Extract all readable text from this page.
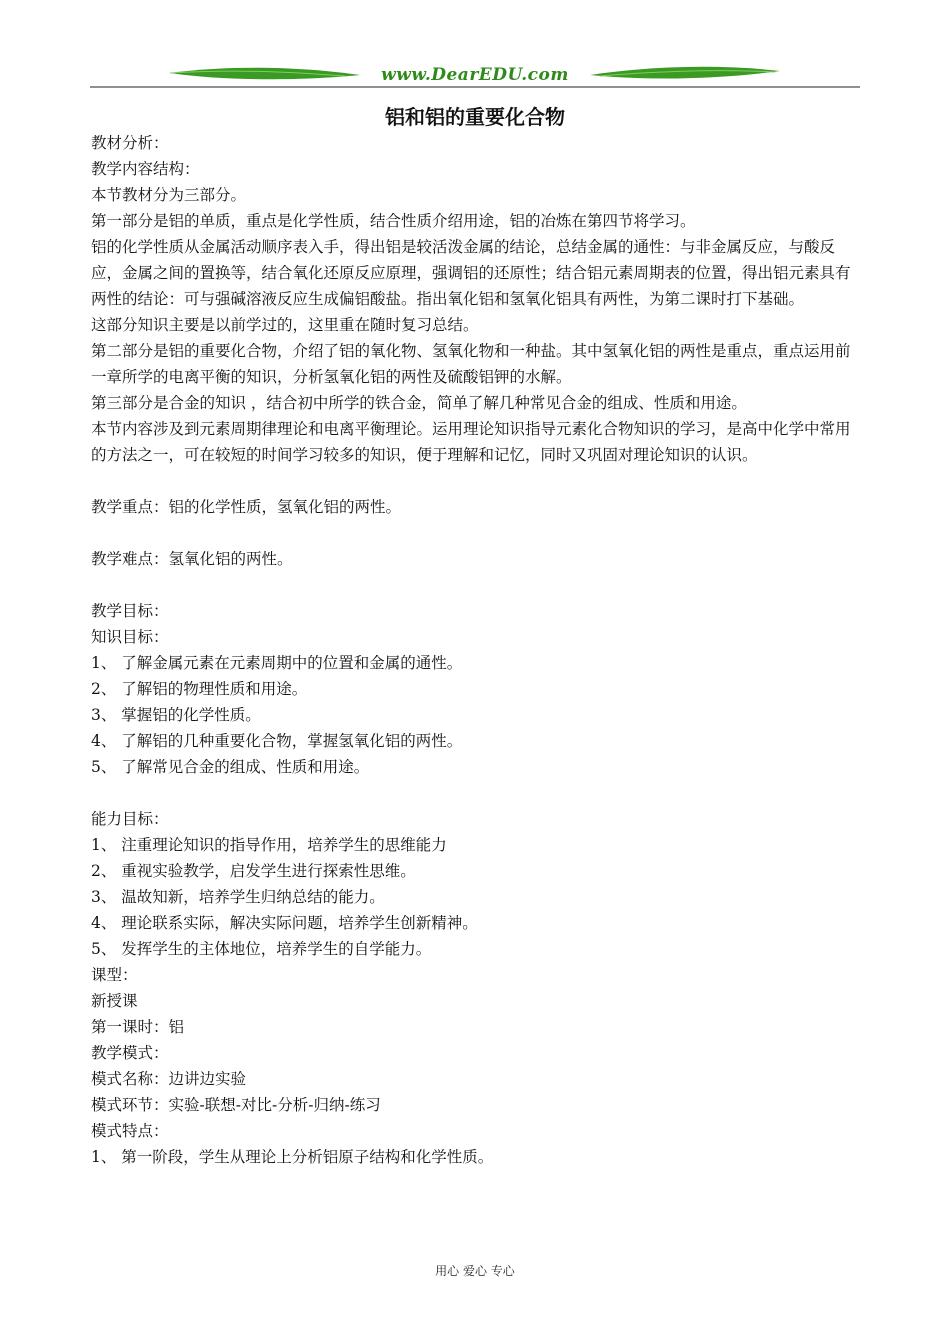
www.DearEDU.com
铝和铝的重要化合物

教材分析：

教学内容结构：

本节教材分为三部分。

第一部分是铝的单质，重点是化学性质，结合性质介绍用途，铝的冶炼在第四节将学习。

铝的化学性质从金属活动顺序表入手，得出铝是较活泼金属的结论，总结金属的通性：与非金属反应，与酸反应，金属之间的置换等，结合氧化还原反应原理，强调铝的还原性；结合铝元素周期表的位置，得出铝元素具有两性的结论：可与强碱溶液反应生成偏铝酸盐。指出氧化铝和氢氧化铝具有两性，为第二课时打下基础。

这部分知识主要是以前学过的，这里重在随时复习总结。

第二部分是铝的重要化合物，介绍了铝的氧化物、氢氧化物和一种盐。其中氢氧化铝的两性是重点，重点运用前一章所学的电离平衡的知识，分析氢氧化铝的两性及硫酸铝钾的水解。

第三部分是合金的知识 ，结合初中所学的铁合金，简单了解几种常见合金的组成、性质和用途。

本节内容涉及到元素周期律理论和电离平衡理论。运用理论知识指导元素化合物知识的学习，是高中化学中常用的方法之一，可在较短的时间学习较多的知识，便于理解和记忆，同时又巩固对理论知识的认识。

教学重点：铝的化学性质，氢氧化铝的两性。

教学难点：氢氧化铝的两性。

教学目标：

知识目标：

1、 了解金属元素在元素周期中的位置和金属的通性。

2、 了解铝的物理性质和用途。

3、 掌握铝的化学性质。

4、 了解铝的几种重要化合物，掌握氢氧化铝的两性。

5、 了解常见合金的组成、性质和用途。

能力目标：

1、 注重理论知识的指导作用，培养学生的思维能力

2、 重视实验教学，启发学生进行探索性思维。

3、 温故知新，培养学生归纳总结的能力。

4、 理论联系实际，解决实际问题，培养学生创新精神。

5、 发挥学生的主体地位，培养学生的自学能力。

课型：

新授课

第一课时：铝

教学模式：

模式名称：边讲边实验

模式环节：实验-联想-对比-分析-归纳-练习

模式特点：

1、 第一阶段，学生从理论上分析铝原子结构和化学性质。

用心 爱心 专心
